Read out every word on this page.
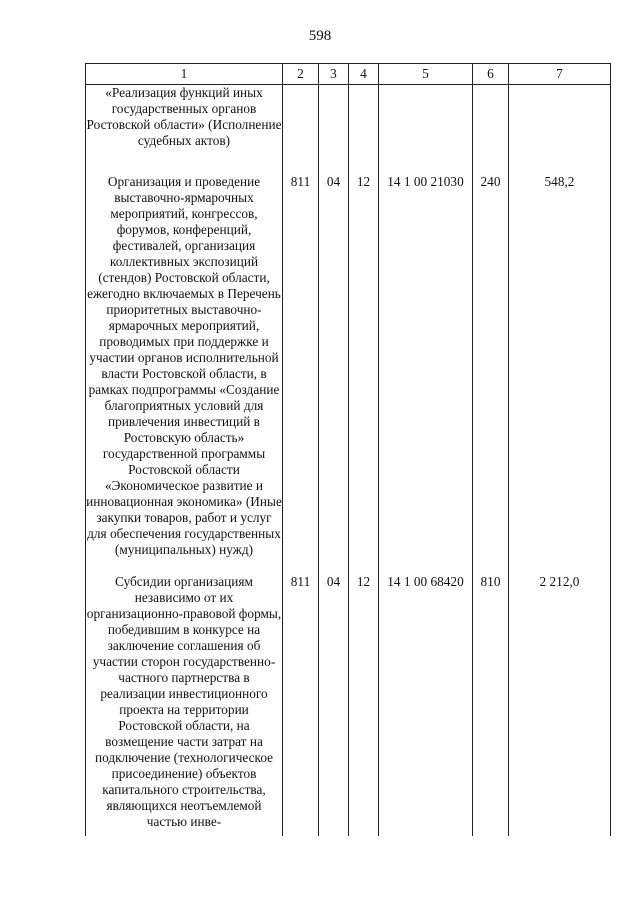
598
1	2	3	4	5	6	7
«Реализация функций иных государственных органов Ростовской области» (Исполнение судебных актов)						
Организация и проведение выставочно-ярмарочных мероприятий, конгрессов, форумов, конференций, фестивалей, организация коллективных экспозиций (стендов) Ростовской области, ежегодно включаемых в Перечень приоритетных выставочно-ярмарочных мероприятий, проводимых при поддержке и участии органов исполнительной власти Ростовской области, в рамках подпрограммы «Создание благоприятных условий для привлечения инвестиций в Ростовскую область» государственной программы Ростовской области «Экономическое развитие и инновационная экономика» (Иные закупки товаров, работ и услуг для обеспечения государственных (муниципальных) нужд)	811	04	12	14 1 00 21030	240	548,2
Субсидии организациям независимо от их организационно-правовой формы, победившим в конкурсе на заключение соглашения об участии сторон государственно-частного партнерства в реализации инвестиционного проекта на территории Ростовской области, на возмещение части затрат на подключение (технологическое присоединение) объектов капитального строительства, являющихся неотъемлемой частью инве-	811	04	12	14 1 00 68420	810	2 212,0
